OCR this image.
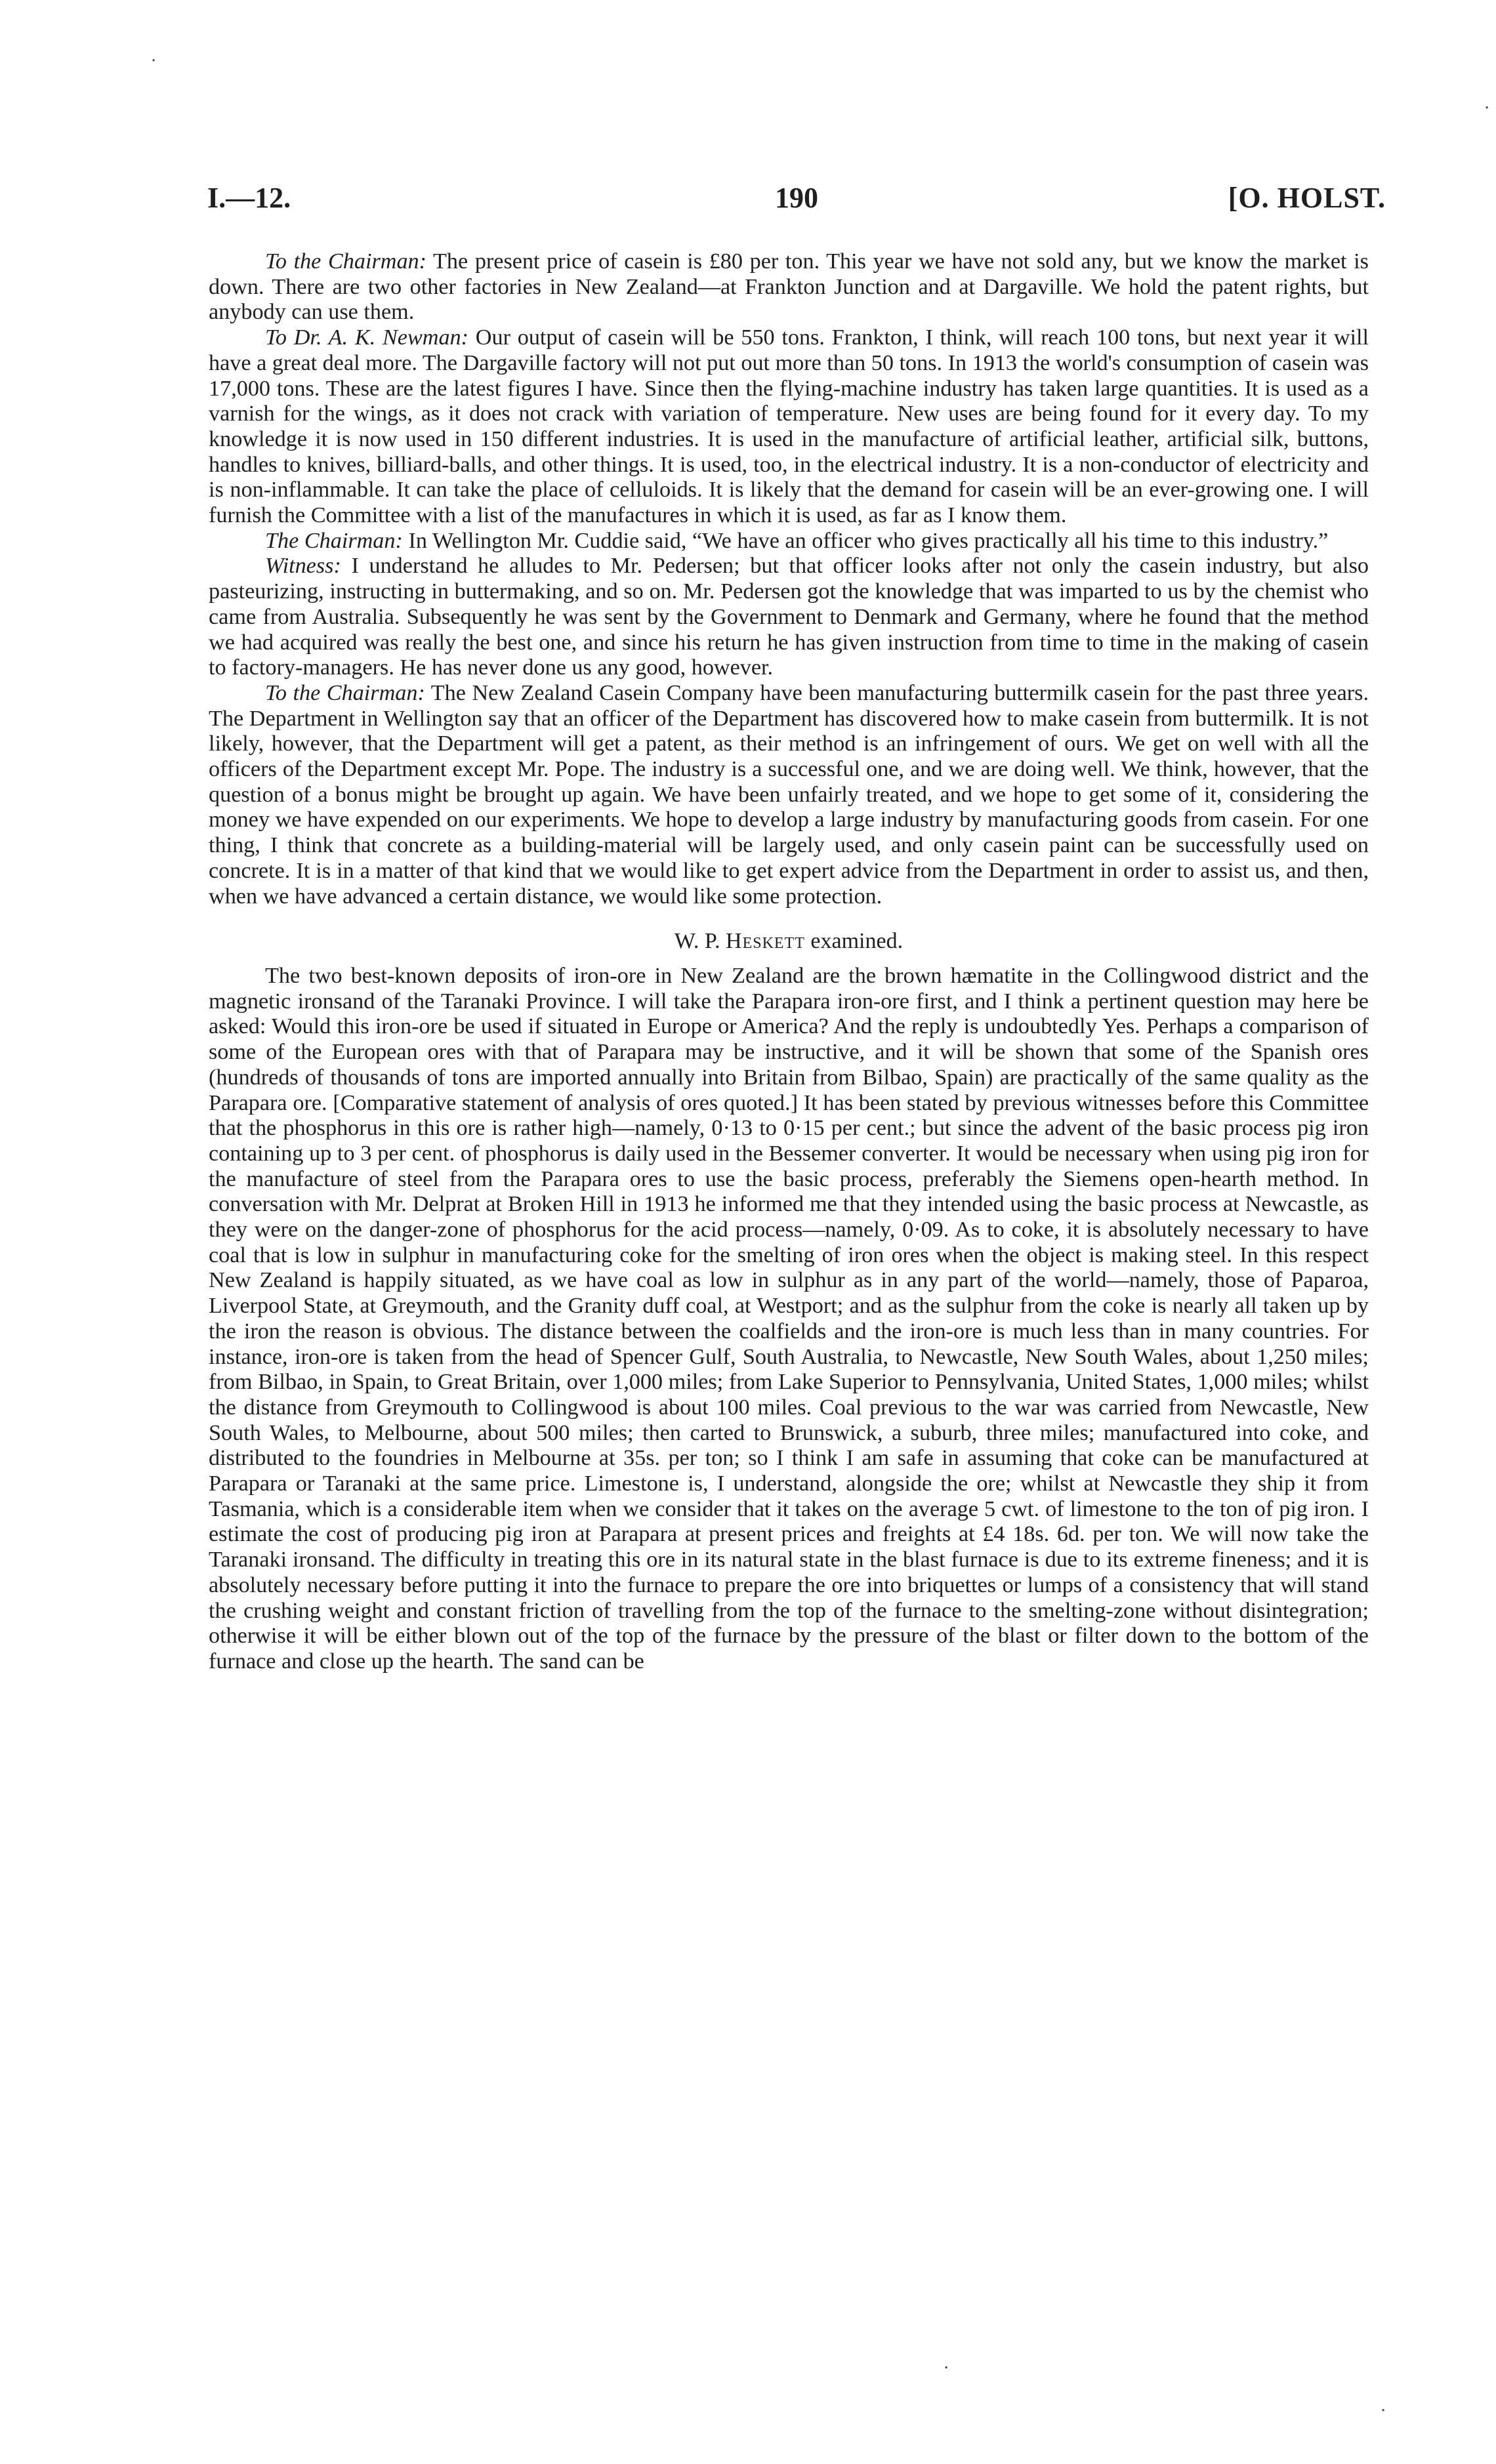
I.—12.	190	[O. HOLST.

To the Chairman: The present price of casein is £80 per ton. This year we have not sold any, but we know the market is down. There are two other factories in New Zealand—at Frankton Junction and at Dargaville. We hold the patent rights, but anybody can use them.

To Dr. A. K. Newman: Our output of casein will be 550 tons. Frankton, I think, will reach 100 tons, but next year it will have a great deal more. The Dargaville factory will not put out more than 50 tons. In 1913 the world's consumption of casein was 17,000 tons. These are the latest figures I have. Since then the flying-machine industry has taken large quantities. It is used as a varnish for the wings, as it does not crack with variation of temperature. New uses are being found for it every day. To my knowledge it is now used in 150 different industries. It is used in the manufacture of artificial leather, artificial silk, buttons, handles to knives, billiard-balls, and other things. It is used, too, in the electrical industry. It is a non-conductor of electricity and is non-inflammable. It can take the place of celluloids. It is likely that the demand for casein will be an ever-growing one. I will furnish the Committee with a list of the manufactures in which it is used, as far as I know them.

The Chairman: In Wellington Mr. Cuddie said, “We have an officer who gives practically all his time to this industry.”

Witness: I understand he alludes to Mr. Pedersen; but that officer looks after not only the casein industry, but also pasteurizing, instructing in buttermaking, and so on. Mr. Pedersen got the knowledge that was imparted to us by the chemist who came from Australia. Subsequently he was sent by the Government to Denmark and Germany, where he found that the method we had acquired was really the best one, and since his return he has given instruction from time to time in the making of casein to factory-managers. He has never done us any good, however.

To the Chairman: The New Zealand Casein Company have been manufacturing buttermilk casein for the past three years. The Department in Wellington say that an officer of the Department has discovered how to make casein from buttermilk. It is not likely, however, that the Department will get a patent, as their method is an infringement of ours. We get on well with all the officers of the Department except Mr. Pope. The industry is a successful one, and we are doing well. We think, however, that the question of a bonus might be brought up again. We have been unfairly treated, and we hope to get some of it, considering the money we have expended on our experiments. We hope to develop a large industry by manufacturing goods from casein. For one thing, I think that concrete as a building-material will be largely used, and only casein paint can be successfully used on concrete. It is in a matter of that kind that we would like to get expert advice from the Department in order to assist us, and then, when we have advanced a certain distance, we would like some protection.

W. P. Heskett examined.

The two best-known deposits of iron-ore in New Zealand are the brown hæmatite in the Collingwood district and the magnetic ironsand of the Taranaki Province. I will take the Parapara iron-ore first, and I think a pertinent question may here be asked: Would this iron-ore be used if situated in Europe or America? And the reply is undoubtedly Yes. Perhaps a comparison of some of the European ores with that of Parapara may be instructive, and it will be shown that some of the Spanish ores (hundreds of thousands of tons are imported annually into Britain from Bilbao, Spain) are practically of the same quality as the Parapara ore. [Comparative statement of analysis of ores quoted.] It has been stated by previous witnesses before this Committee that the phosphorus in this ore is rather high—namely, 0·13 to 0·15 per cent.; but since the advent of the basic process pig iron containing up to 3 per cent. of phosphorus is daily used in the Bessemer converter. It would be necessary when using pig iron for the manufacture of steel from the Parapara ores to use the basic process, preferably the Siemens open-hearth method. In conversation with Mr. Delprat at Broken Hill in 1913 he informed me that they intended using the basic process at Newcastle, as they were on the danger-zone of phosphorus for the acid process—namely, 0·09. As to coke, it is absolutely necessary to have coal that is low in sulphur in manufacturing coke for the smelting of iron ores when the object is making steel. In this respect New Zealand is happily situated, as we have coal as low in sulphur as in any part of the world—namely, those of Paparoa, Liverpool State, at Greymouth, and the Granity duff coal, at Westport; and as the sulphur from the coke is nearly all taken up by the iron the reason is obvious. The distance between the coalfields and the iron-ore is much less than in many countries. For instance, iron-ore is taken from the head of Spencer Gulf, South Australia, to Newcastle, New South Wales, about 1,250 miles; from Bilbao, in Spain, to Great Britain, over 1,000 miles; from Lake Superior to Pennsylvania, United States, 1,000 miles; whilst the distance from Greymouth to Collingwood is about 100 miles. Coal previous to the war was carried from Newcastle, New South Wales, to Melbourne, about 500 miles; then carted to Brunswick, a suburb, three miles; manufactured into coke, and distributed to the foundries in Melbourne at 35s. per ton; so I think I am safe in assuming that coke can be manufactured at Parapara or Taranaki at the same price. Limestone is, I understand, alongside the ore; whilst at Newcastle they ship it from Tasmania, which is a considerable item when we consider that it takes on the average 5 cwt. of limestone to the ton of pig iron. I estimate the cost of producing pig iron at Parapara at present prices and freights at £4 18s. 6d. per ton. We will now take the Taranaki ironsand. The difficulty in treating this ore in its natural state in the blast furnace is due to its extreme fineness; and it is absolutely necessary before putting it into the furnace to prepare the ore into briquettes or lumps of a consistency that will stand the crushing weight and constant friction of travelling from the top of the furnace to the smelting-zone without disintegration; otherwise it will be either blown out of the top of the furnace by the pressure of the blast or filter down to the bottom of the furnace and close up the hearth. The sand can be

·
·
·
·
